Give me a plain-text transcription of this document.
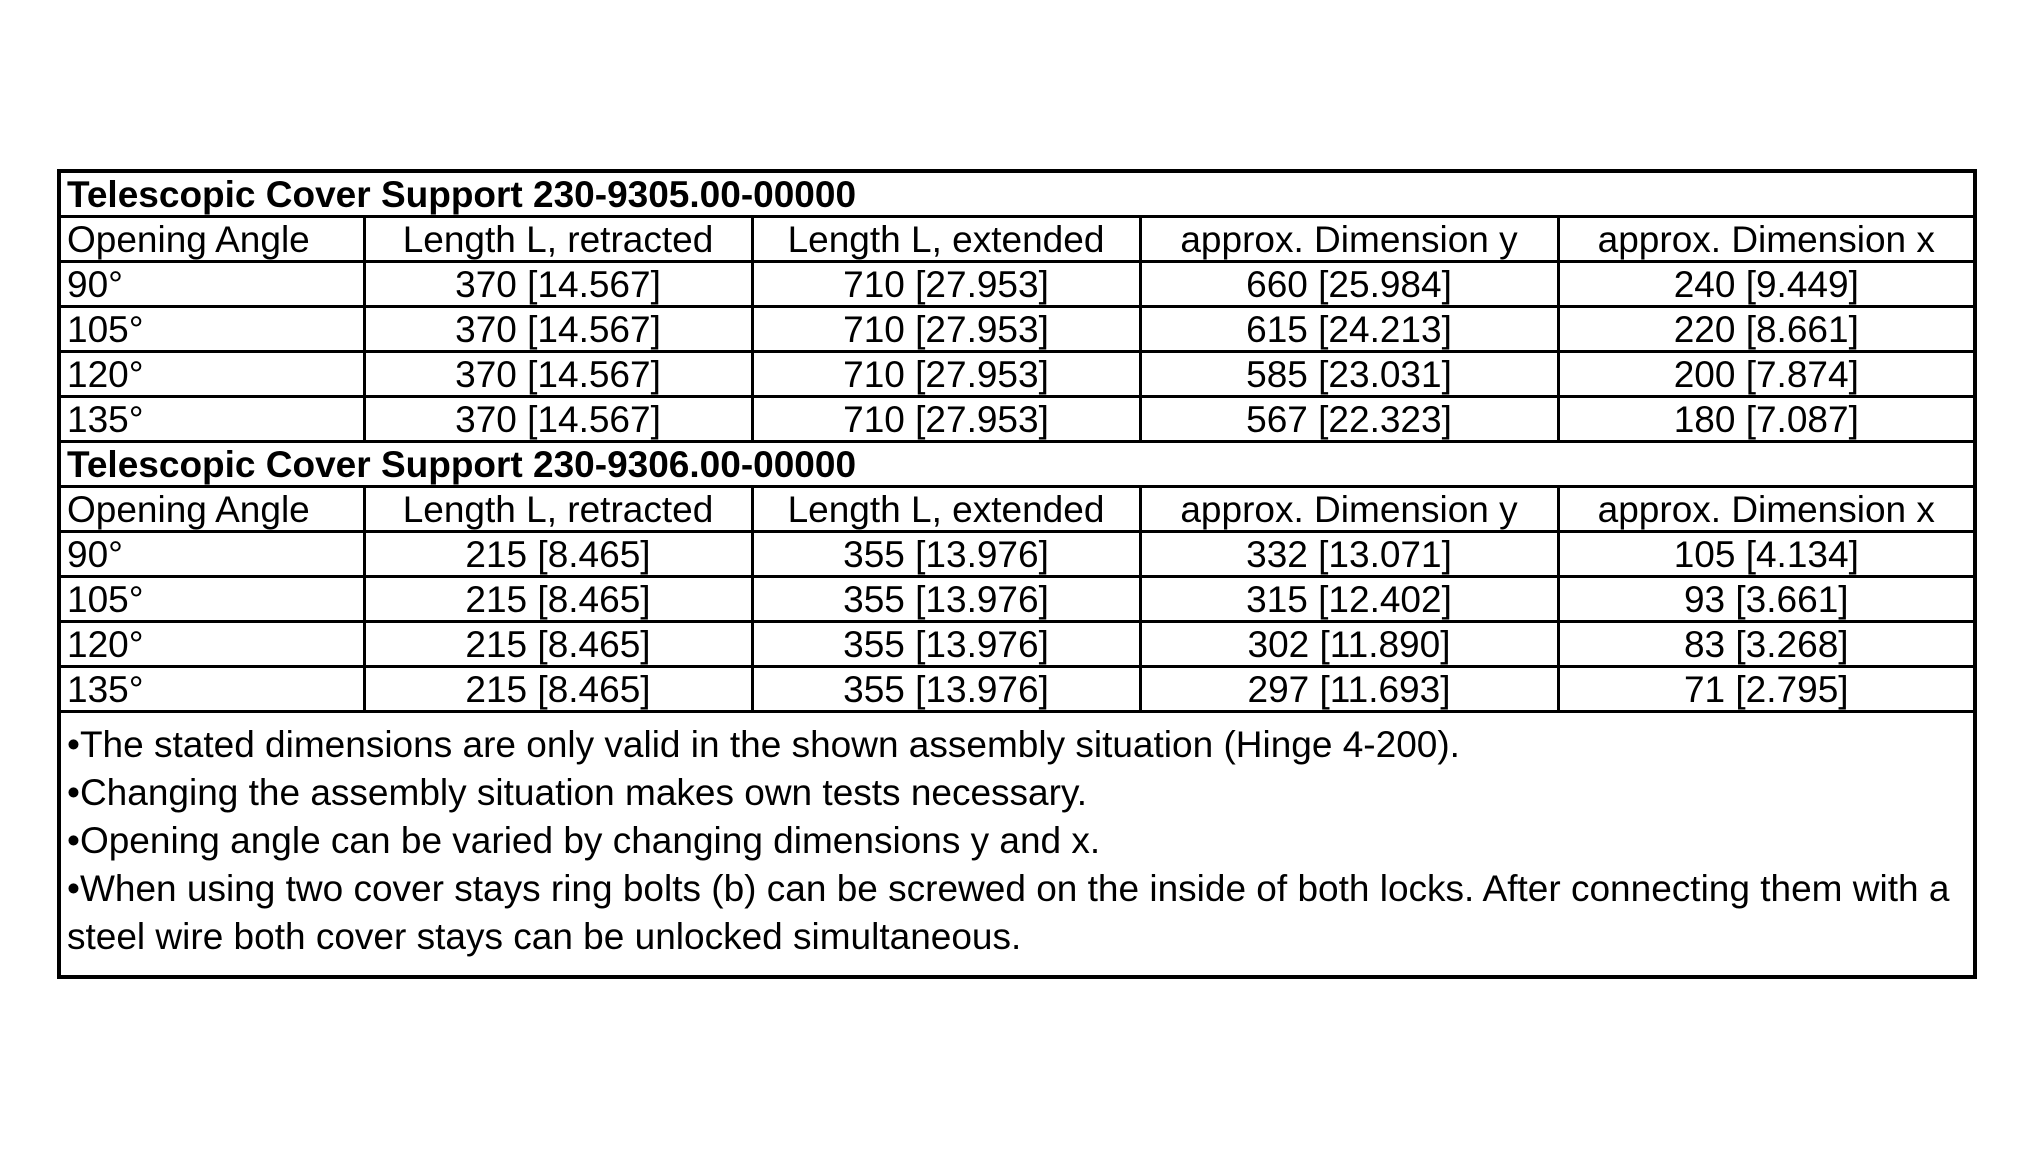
Telescopic Cover Support 230-9305.00-00000				
Opening Angle	Length L, retracted	Length L, extended	approx. Dimension y	approx. Dimension x
90°	370 [14.567]	710 [27.953]	660 [25.984]	240 [9.449]
105°	370 [14.567]	710 [27.953]	615 [24.213]	220 [8.661]
120°	370 [14.567]	710 [27.953]	585 [23.031]	200 [7.874]
135°	370 [14.567]	710 [27.953]	567 [22.323]	180 [7.087]
Telescopic Cover Support 230-9306.00-00000				
Opening Angle	Length L, retracted	Length L, extended	approx. Dimension y	approx. Dimension x
90°	215 [8.465]	355 [13.976]	332 [13.071]	105 [4.134]
105°	215 [8.465]	355 [13.976]	315 [12.402]	93 [3.661]
120°	215 [8.465]	355 [13.976]	302 [11.890]	83 [3.268]
135°	215 [8.465]	355 [13.976]	297 [11.693]	71 [2.795]

•The stated dimensions are only valid in the shown assembly situation (Hinge 4-200).
•Changing the assembly situation makes own tests necessary.
•Opening angle can be varied by changing dimensions y and x.
•When using two cover stays ring bolts (b) can be screwed on the inside of both locks. After connecting them with a steel wire both cover stays can be unlocked simultaneous.				
